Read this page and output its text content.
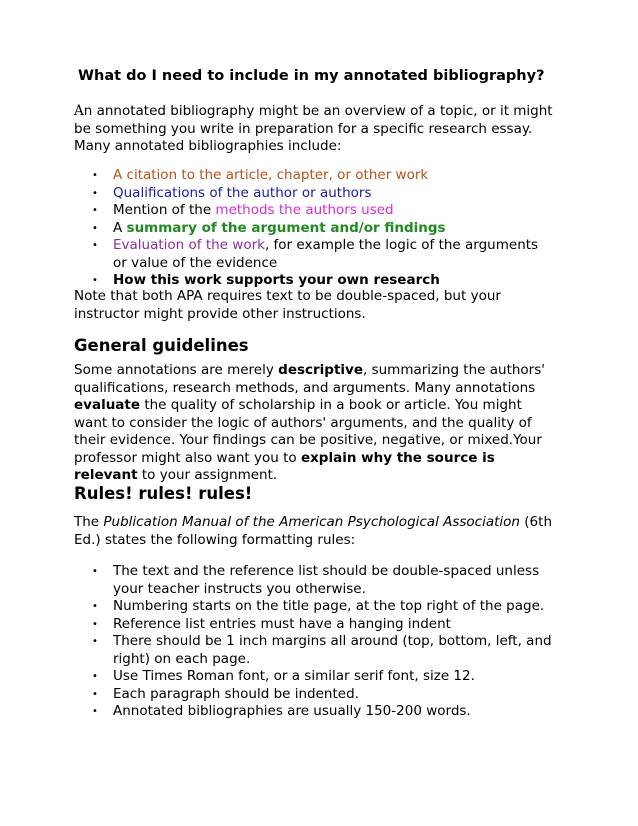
What do I need to include in my annotated bibliography?

An annotated bibliography might be an overview of a topic, or it might be something you write in preparation for a specific research essay. Many annotated bibliographies include:

• A citation to the article, chapter, or other work
• Qualifications of the author or authors
• Mention of the methods the authors used
• A summary of the argument and/or findings
• Evaluation of the work, for example the logic of the arguments or value of the evidence
• How this work supports your own research

Note that both APA requires text to be double-spaced, but your instructor might provide other instructions.

General guidelines

Some annotations are merely descriptive, summarizing the authors' qualifications, research methods, and arguments. Many annotations evaluate the quality of scholarship in a book or article. You might want to consider the logic of authors' arguments, and the quality of their evidence. Your findings can be positive, negative, or mixed.Your professor might also want you to explain why the source is relevant to your assignment.

Rules! rules! rules!

The Publication Manual of the American Psychological Association (6th Ed.) states the following formatting rules:

• The text and the reference list should be double-spaced unless your teacher instructs you otherwise.
• Numbering starts on the title page, at the top right of the page.
• Reference list entries must have a hanging indent
• There should be 1 inch margins all around (top, bottom, left, and right) on each page.
• Use Times Roman font, or a similar serif font, size 12.
• Each paragraph should be indented.
• Annotated bibliographies are usually 150-200 words.
